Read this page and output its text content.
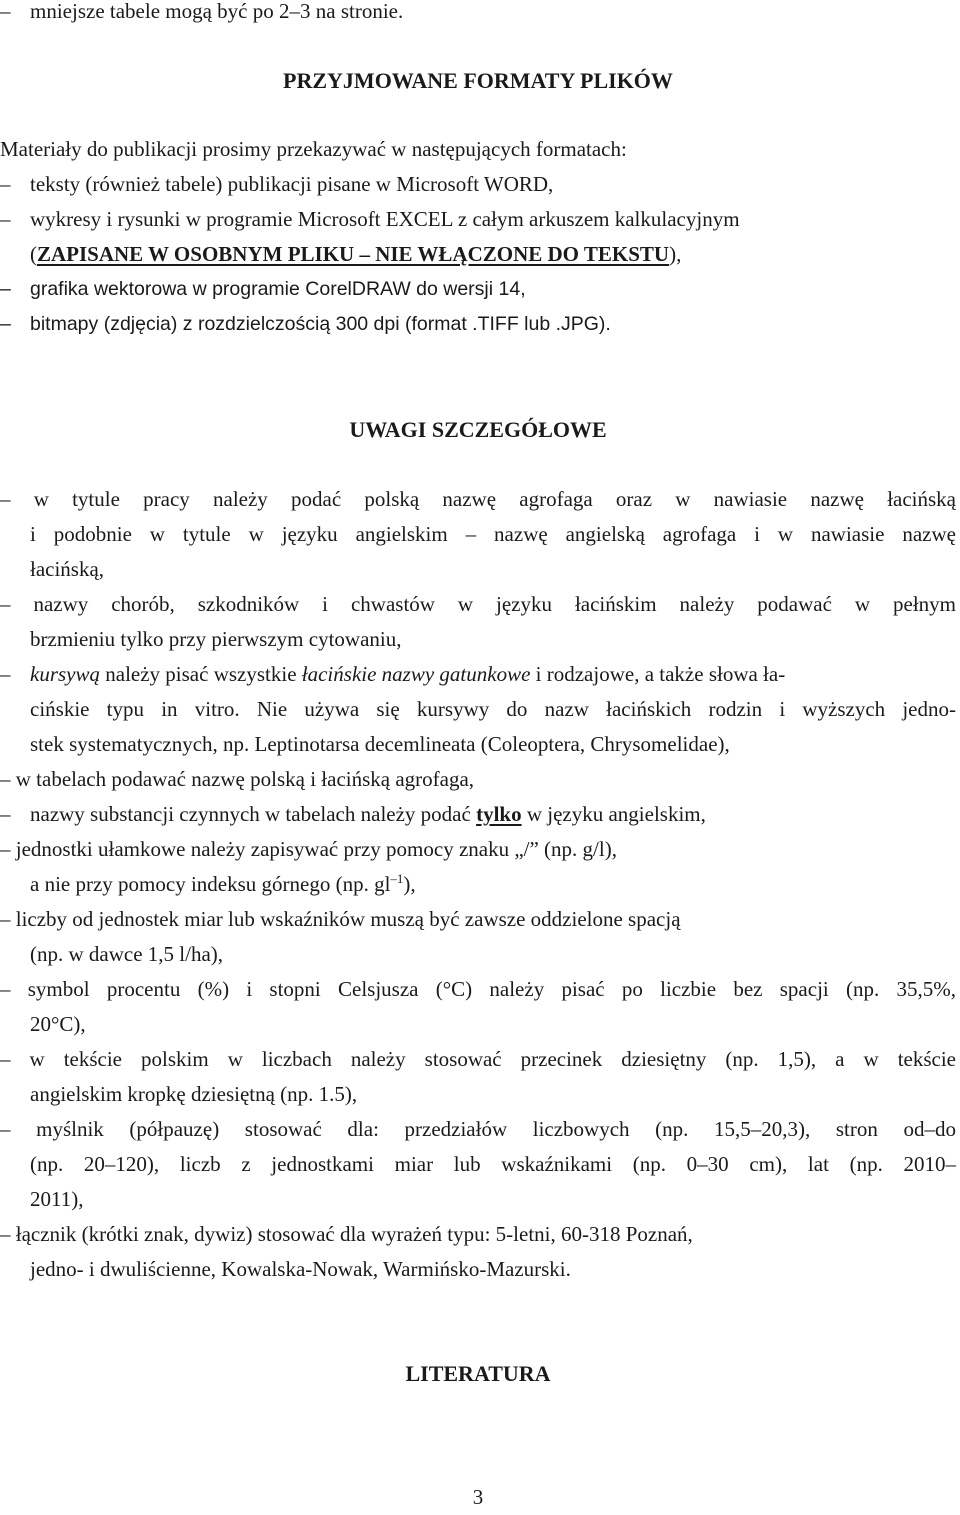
– mniejsze tabele mogą być po 2–3 na stronie.
PRZYJMOWANE FORMATY PLIKÓW
Materiały do publikacji prosimy przekazywać w następujących formatach:
– teksty (również tabele) publikacji pisane w Microsoft WORD,
– wykresy i rysunki w programie Microsoft EXCEL z całym arkuszem kalkulacyjnym
(ZAPISANE W OSOBNYM PLIKU – NIE WŁĄCZONE DO TEKSTU),
– grafika wektorowa w programie CorelDRAW do wersji 14,
– bitmapy (zdjęcia) z rozdzielczością 300 dpi (format .TIFF lub .JPG).
UWAGI SZCZEGÓŁOWE
– w tytule pracy należy podać polską nazwę agrofaga oraz w nawiasie nazwę łacińską
i podobnie w tytule w języku angielskim – nazwę angielską agrofaga i w nawiasie nazwę
łacińską,
– nazwy chorób, szkodników i chwastów w języku łacińskim należy podawać w pełnym
brzmieniu tylko przy pierwszym cytowaniu,
– kursywą należy pisać wszystkie łacińskie nazwy gatunkowe i rodzajowe, a także słowa ła-
cińskie typu in vitro. Nie używa się kursywy do nazw łacińskich rodzin i wyższych jedno-
stek systematycznych, np. Leptinotarsa decemlineata (Coleoptera, Chrysomelidae),
– w tabelach podawać nazwę polską i łacińską agrofaga,
– nazwy substancji czynnych w tabelach należy podać tylko w języku angielskim,
– jednostki ułamkowe należy zapisywać przy pomocy znaku „/” (np. g/l),
a nie przy pomocy indeksu górnego (np. $gl^{-1}$),
– liczby od jednostek miar lub wskaźników muszą być zawsze oddzielone spacją
(np. w dawce 1,5 l/ha),
– symbol procentu (%) i stopni Celsjusza (°C) należy pisać po liczbie bez spacji (np. 35,5%,
20°C),
– w tekście polskim w liczbach należy stosować przecinek dziesiętny (np. 1,5), a w tekście
angielskim kropkę dziesiętną (np. 1.5),
– myślnik (półpauzę) stosować dla: przedziałów liczbowych (np. 15,5–20,3), stron od–do
(np. 20–120), liczb z jednostkami miar lub wskaźnikami (np. 0–30 cm), lat (np. 2010–
2011),
– łącznik (krótki znak, dywiz) stosować dla wyrażeń typu: 5-letni, 60-318 Poznań,
jedno- i dwuliścienne, Kowalska-Nowak, Warmińsko-Mazurski.
LITERATURA
3
